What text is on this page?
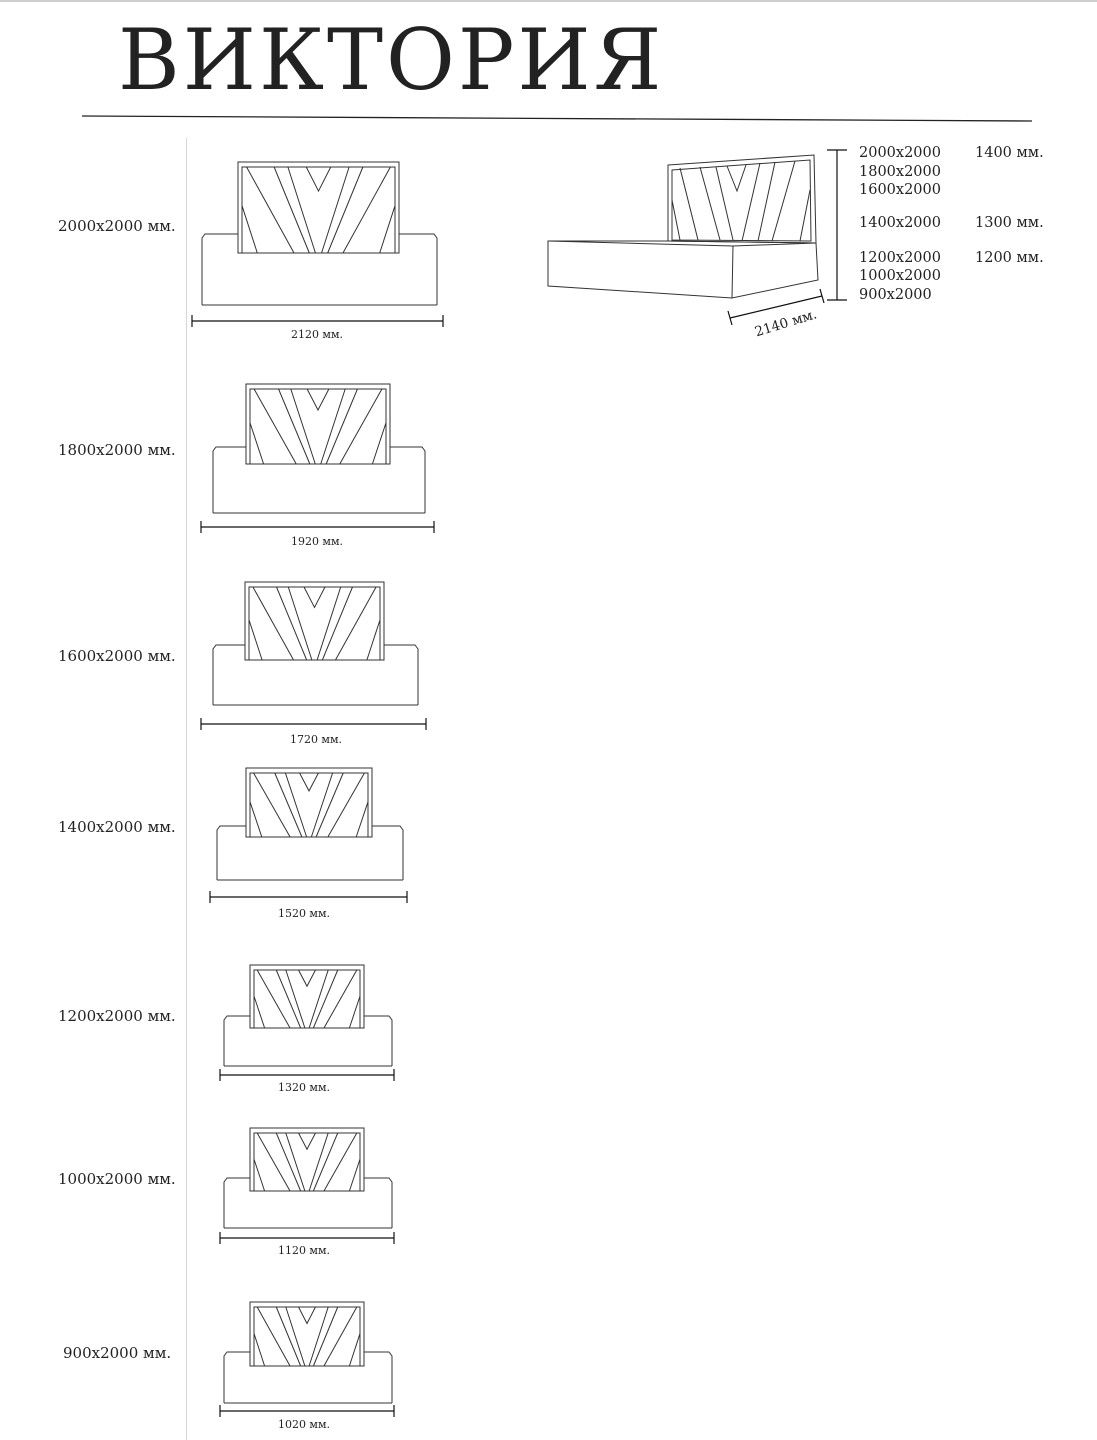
ВИКТОРИЯ
2000х2000 мм.
1800х2000 мм.
1600х2000 мм.
1400х2000 мм.
1200х2000 мм.
1000х2000 мм.
900х2000 мм.
2120 мм.
1920 мм.
1720 мм.
1520 мм.
1320 мм.
1120 мм.
1020 мм.
2140 мм.
2000х2000 1400 мм.
1800х2000
1600х2000
1400х2000 1300 мм.
1200х2000 1200 мм.
1000х2000
900х2000
